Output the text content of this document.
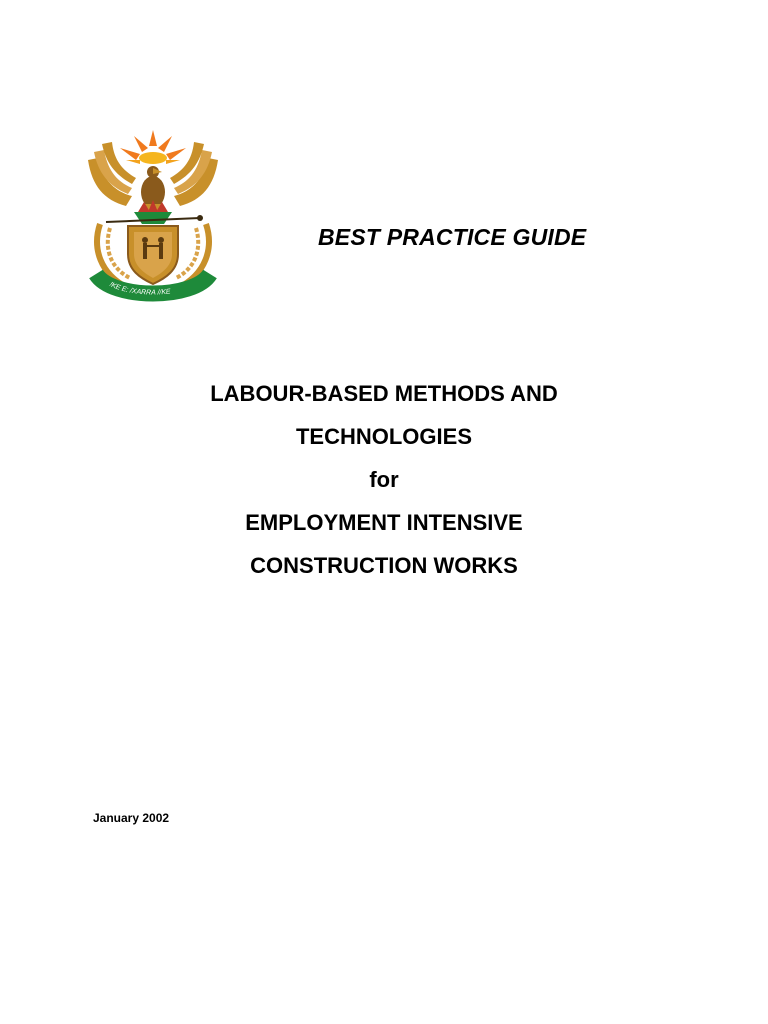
!KE E: /XARRA //KE
BEST PRACTICE GUIDE
LABOUR-BASED METHODS AND
TECHNOLOGIES
for
EMPLOYMENT INTENSIVE
CONSTRUCTION WORKS
January 2002
